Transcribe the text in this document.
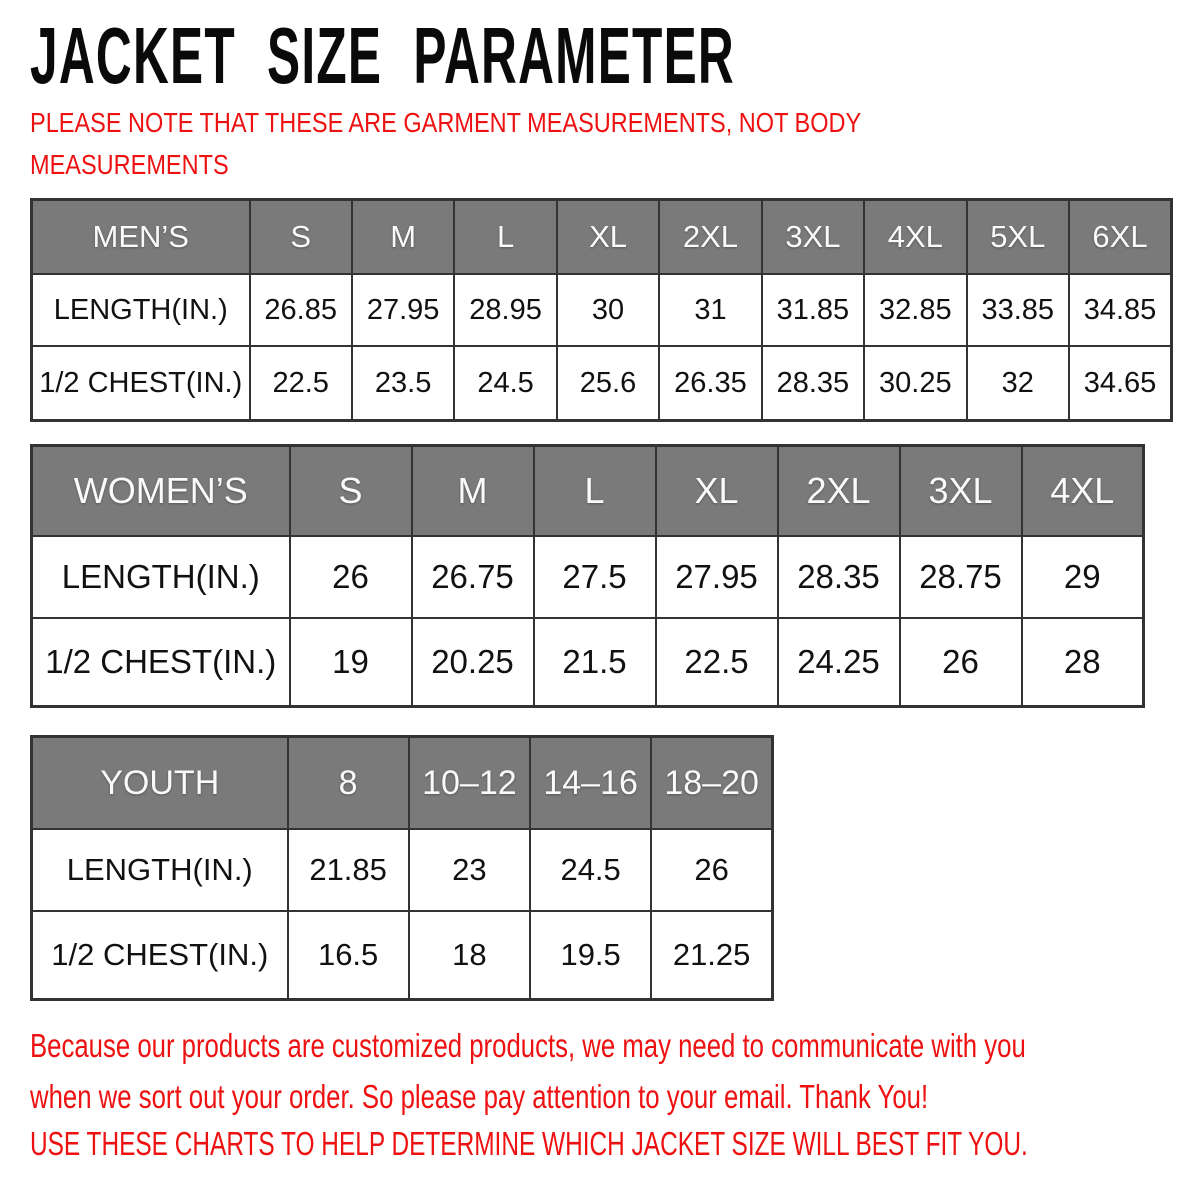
JACKET SIZE PARAMETER
PLEASE NOTE THAT THESE ARE GARMENT MEASUREMENTS, NOT BODY
MEASUREMENTS
MEN’S	S	M	L	XL	2XL	3XL	4XL	5XL	6XL
LENGTH(IN.)	26.85	27.95	28.95	30	31	31.85	32.85	33.85	34.85
1/2 CHEST(IN.)	22.5	23.5	24.5	25.6	26.35	28.35	30.25	32	34.65
WOMEN’S	S	M	L	XL	2XL	3XL	4XL
LENGTH(IN.)	26	26.75	27.5	27.95	28.35	28.75	29
1/2 CHEST(IN.)	19	20.25	21.5	22.5	24.25	26	28
YOUTH	8	10–12	14–16	18–20
LENGTH(IN.)	21.85	23	24.5	26
1/2 CHEST(IN.)	16.5	18	19.5	21.25
Because our products are customized products, we may need to communicate with you
when we sort out your order. So please pay attention to your email. Thank You!
USE THESE CHARTS TO HELP DETERMINE WHICH JACKET SIZE WILL BEST FIT YOU.
